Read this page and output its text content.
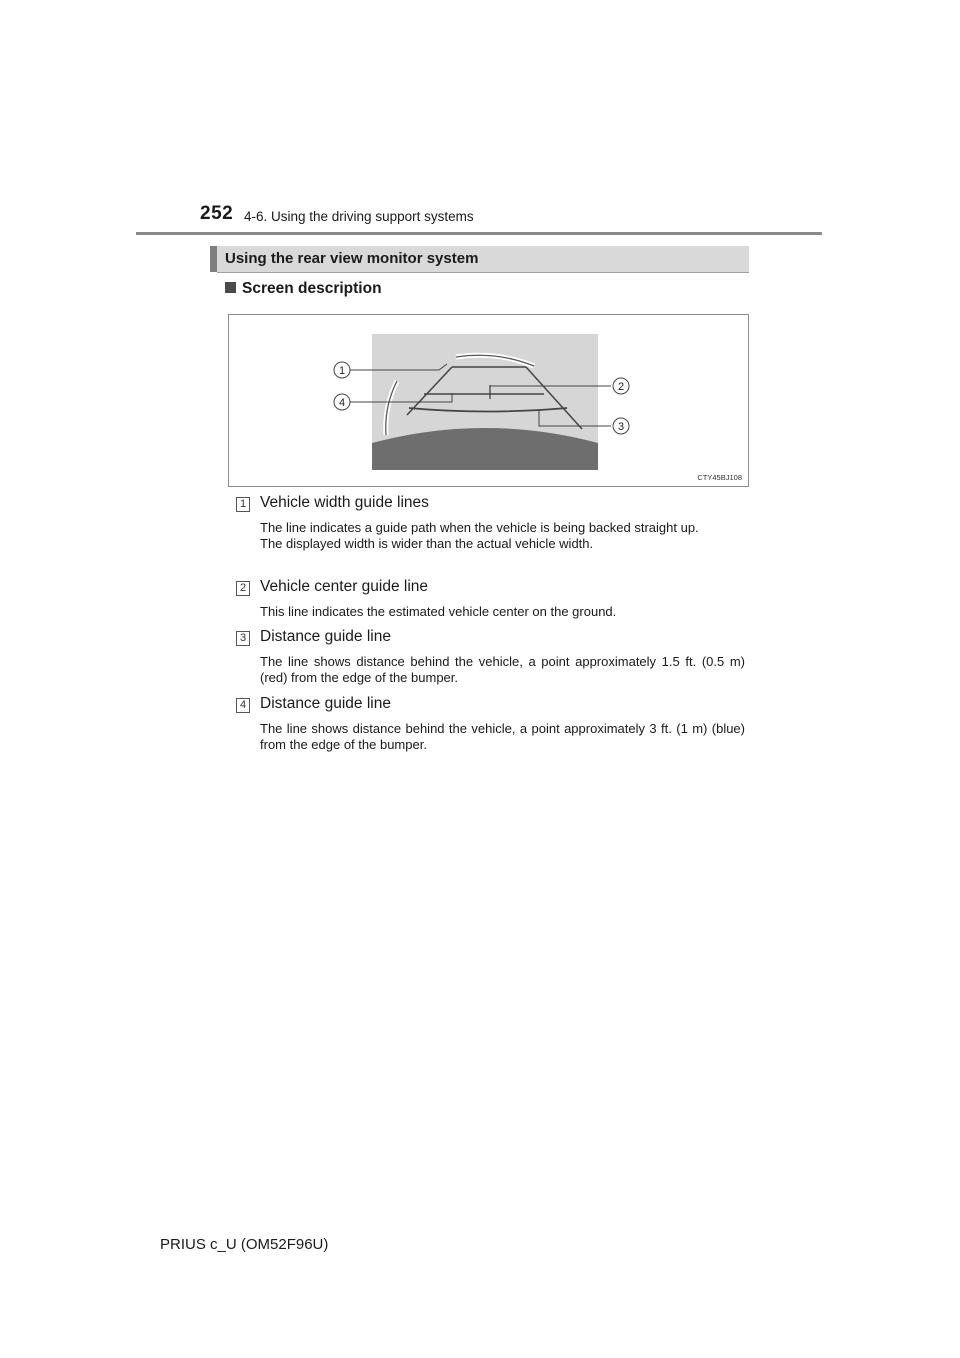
252 4-6. Using the driving support systems
Using the rear view monitor system
Screen description
1
2
3
4
CTY45BJ108
1 Vehicle width guide lines

The line indicates a guide path when the vehicle is being backed straight up.

The displayed width is wider than the actual vehicle width.

2 Vehicle center guide line

This line indicates the estimated vehicle center on the ground.

3 Distance guide line

The line shows distance behind the vehicle, a point approximately 1.5 ft. (0.5 m) (red) from the edge of the bumper.

4 Distance guide line

The line shows distance behind the vehicle, a point approximately 3 ft. (1 m) (blue) from the edge of the bumper.

PRIUS c_U (OM52F96U)
